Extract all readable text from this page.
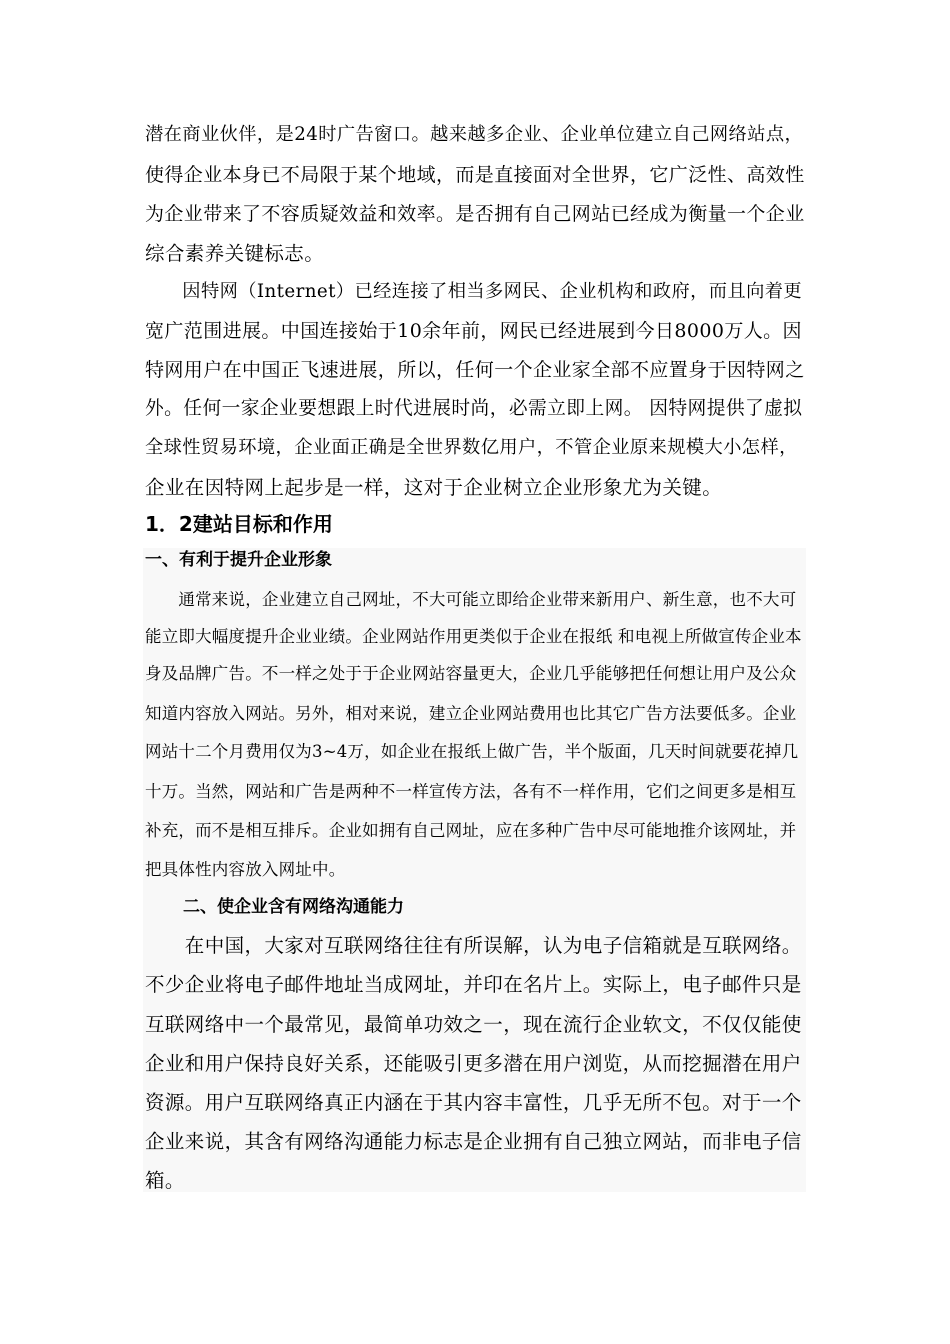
潜在商业伙伴，是24时广告窗口。越来越多企业、企业单位建立自己网络站点，
使得企业本身已不局限于某个地域，而是直接面对全世界，它广泛性、高效性
为企业带来了不容质疑效益和效率。是否拥有自己网站已经成为衡量一个企业
综合素养关键标志。
　　因特网（Internet）已经连接了相当多网民、企业机构和政府，而且向着更
宽广范围进展。中国连接始于10余年前，网民已经进展到今日8000万人。因
特网用户在中国正飞速进展，所以，任何一个企业家全部不应置身于因特网之
外。任何一家企业要想跟上时代进展时尚，必需立即上网。 因特网提供了虚拟
全球性贸易环境，企业面正确是全世界数亿用户，不管企业原来规模大小怎样，
企业在因特网上起步是一样，这对于企业树立企业形象尤为关键。
1．2建站目标和作用
一、有利于提升企业形象
　　通常来说，企业建立自己网址，不大可能立即给企业带来新用户、新生意，也不大可
能立即大幅度提升企业业绩。企业网站作用更类似于企业在报纸 和电视上所做宣传企业本
身及品牌广告。不一样之处于于企业网站容量更大，企业几乎能够把任何想让用户及公众
知道内容放入网站。另外，相对来说，建立企业网站费用也比其它广告方法要低多。企业
网站十二个月费用仅为3~4万，如企业在报纸上做广告，半个版面，几天时间就要花掉几
十万。当然，网站和广告是两种不一样宣传方法，各有不一样作用，它们之间更多是相互
补充，而不是相互排斥。企业如拥有自己网址，应在多种广告中尽可能地推介该网址，并
把具体性内容放入网址中。
二、使企业含有网络沟通能力
　　在中国，大家对互联网络往往有所误解，认为电子信箱就是互联网络。
不少企业将电子邮件地址当成网址，并印在名片上。实际上，电子邮件只是
互联网络中一个最常见，最简单功效之一，现在流行企业软文，不仅仅能使
企业和用户保持良好关系，还能吸引更多潜在用户浏览，从而挖掘潜在用户
资源。用户互联网络真正内涵在于其内容丰富性，几乎无所不包。对于一个
企业来说，其含有网络沟通能力标志是企业拥有自己独立网站，而非电子信
箱。
